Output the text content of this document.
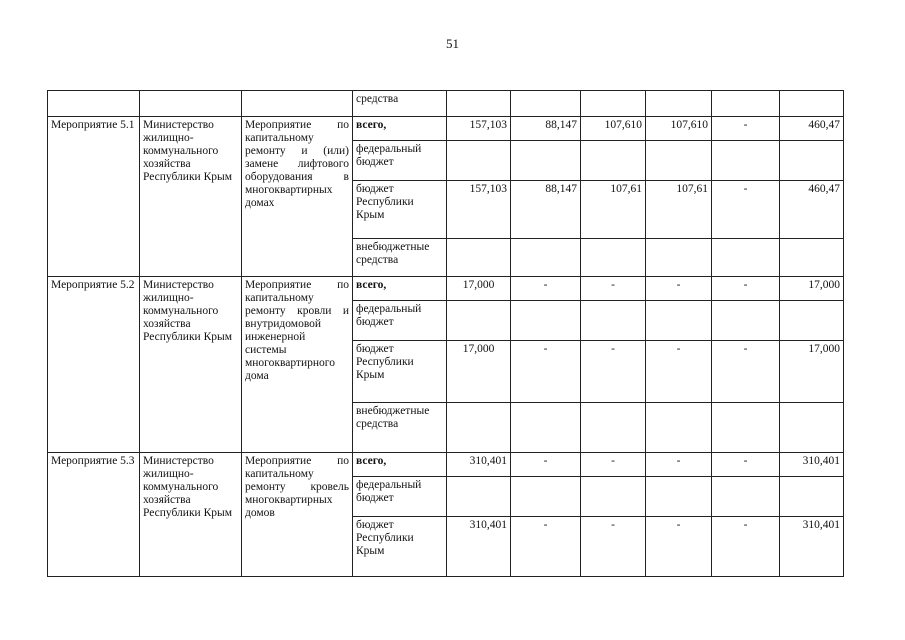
51
			средства						
Мероприятие 5.1	Министерство жилищно-коммунального хозяйства Республики Крым	Мероприятие по капитальному ремонту и (или) замене лифтового оборудования в многоквартирных домах	всего,	157,103	88,147	107,610	107,610	-	460,47
			федеральный бюджет						
			бюджет Республики Крым	157,103	88,147	107,61	107,61	-	460,47
			внебюджетные средства						
Мероприятие 5.2	Министерство жилищно-коммунального хозяйства Республики Крым	Мероприятие по капитальному ремонту кровли и внутридомовой инженерной системы многоквартирного дома	всего,	17,000	-	-	-	-	17,000
			федеральный бюджет						
			бюджет Республики Крым	17,000	-	-	-	-	17,000
			внебюджетные средства						
Мероприятие 5.3	Министерство жилищно-коммунального хозяйства Республики Крым	Мероприятие по капитальному ремонту кровель многоквартирных домов	всего,	310,401	-	-	-	-	310,401
			федеральный бюджет						
			бюджет Республики Крым	310,401	-	-	-	-	310,401
